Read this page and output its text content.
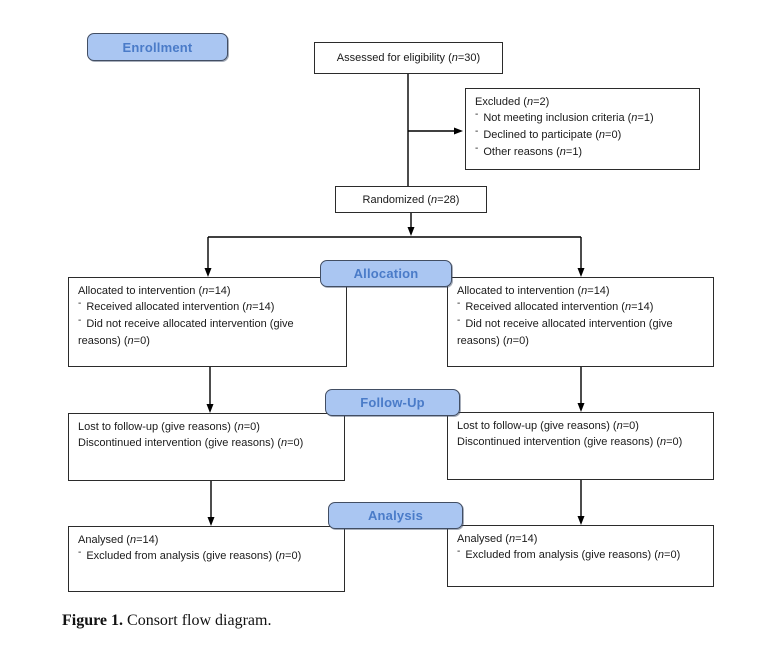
Enrollment
Assessed for eligibility (n=30)
Excluded (n=2)
- Not meeting inclusion criteria (n=1)
- Declined to participate (n=0)
- Other reasons (n=1)
Randomized (n=28)
Allocation
Allocated to intervention (n=14)
- Received allocated intervention (n=14)
- Did not receive allocated intervention (give reasons) (n=0)
Allocated to intervention (n=14)
- Received allocated intervention (n=14)
- Did not receive allocated intervention (give reasons) (n=0)
Follow-Up
Lost to follow-up (give reasons) (n=0)
Discontinued intervention (give reasons) (n=0)
Lost to follow-up (give reasons) (n=0)
Discontinued intervention (give reasons) (n=0)
Analysis
Analysed (n=14)
- Excluded from analysis (give reasons) (n=0)
Analysed (n=14)
- Excluded from analysis (give reasons) (n=0)
Figure 1. Consort flow diagram.
